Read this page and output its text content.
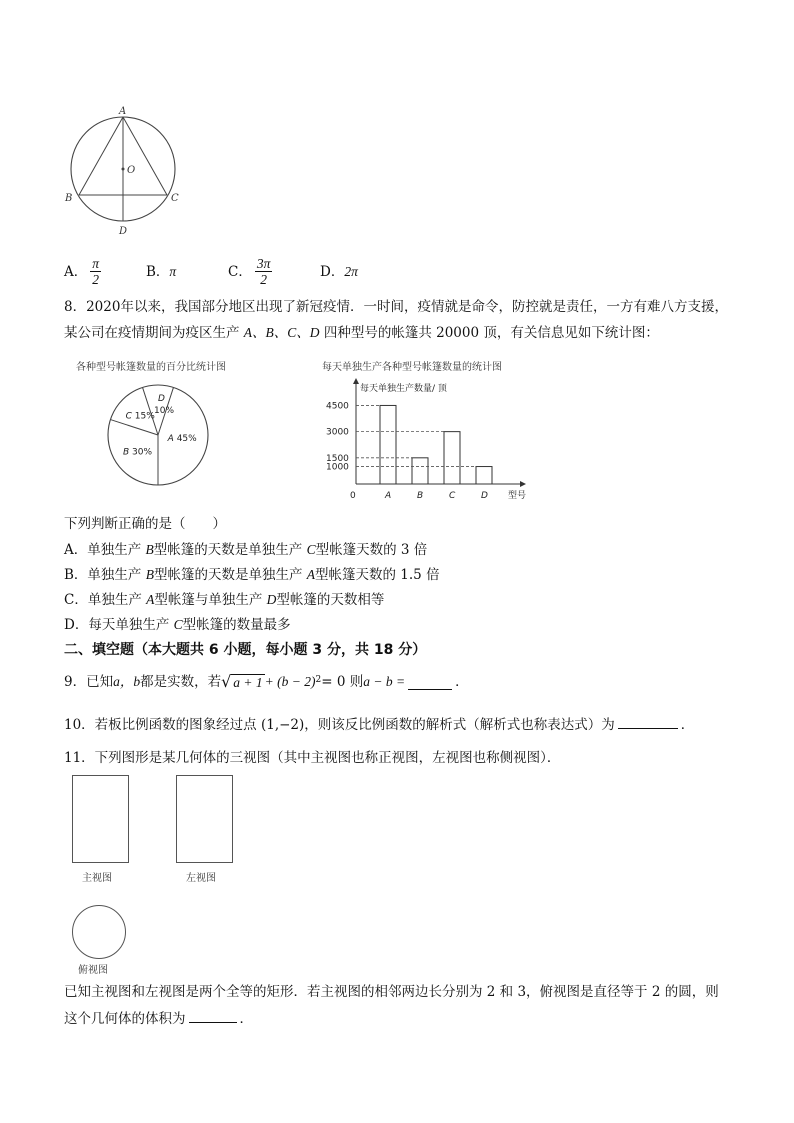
A
O
B	C
D
A． $\frac{\pi}{2}$	B． π	C． $\frac{3\pi}{2}$	D． 2π
8．2020年以来，我国部分地区出现了新冠疫情．一时间，疫情就是命令，防控就是责任，一方有难八方支援，
某公司在疫情期间为疫区生产 A、B、C、D 四种型号的帐篷共 20000 顶，有关信息见如下统计图：
各种型号帐篷数量的百分比统计图
D
10%
A 45%
B 30%
C 15%
每天单独生产各种型号帐篷数量的统计图
每天单独生产数量/ 顶
型号
0	A	B	C	D
4500
3000
1500
1000
下列判断正确的是（　　）
A．单独生产 B型帐篷的天数是单独生产 C型帐篷天数的 3 倍
B．单独生产 B型帐篷的天数是单独生产 A型帐篷天数的 1.5 倍
C．单独生产 A型帐篷与单独生产 D型帐篷的天数相等
D．每天单独生产 C型帐篷的数量最多
二、填空题（本大题共 6 小题，每小题 3 分，共 18 分）
9．已知 a，b 都是实数，若 √ $a + 1 + (b - 2)^2 = 0$ 则 a − b =	．
10．若板比例函数的图象经过点 (1,−2)，则该反比例函数的解析式（解析式也称表达式）为	．
11．下列图形是某几何体的三视图（其中主视图也称正视图，左视图也称侧视图）．
主视图	左视图
俯视图
已知主视图和左视图是两个全等的矩形．若主视图的相邻两边长分别为 2 和 3，俯视图是直径等于 2 的圆，则
这个几何体的体积为	．
